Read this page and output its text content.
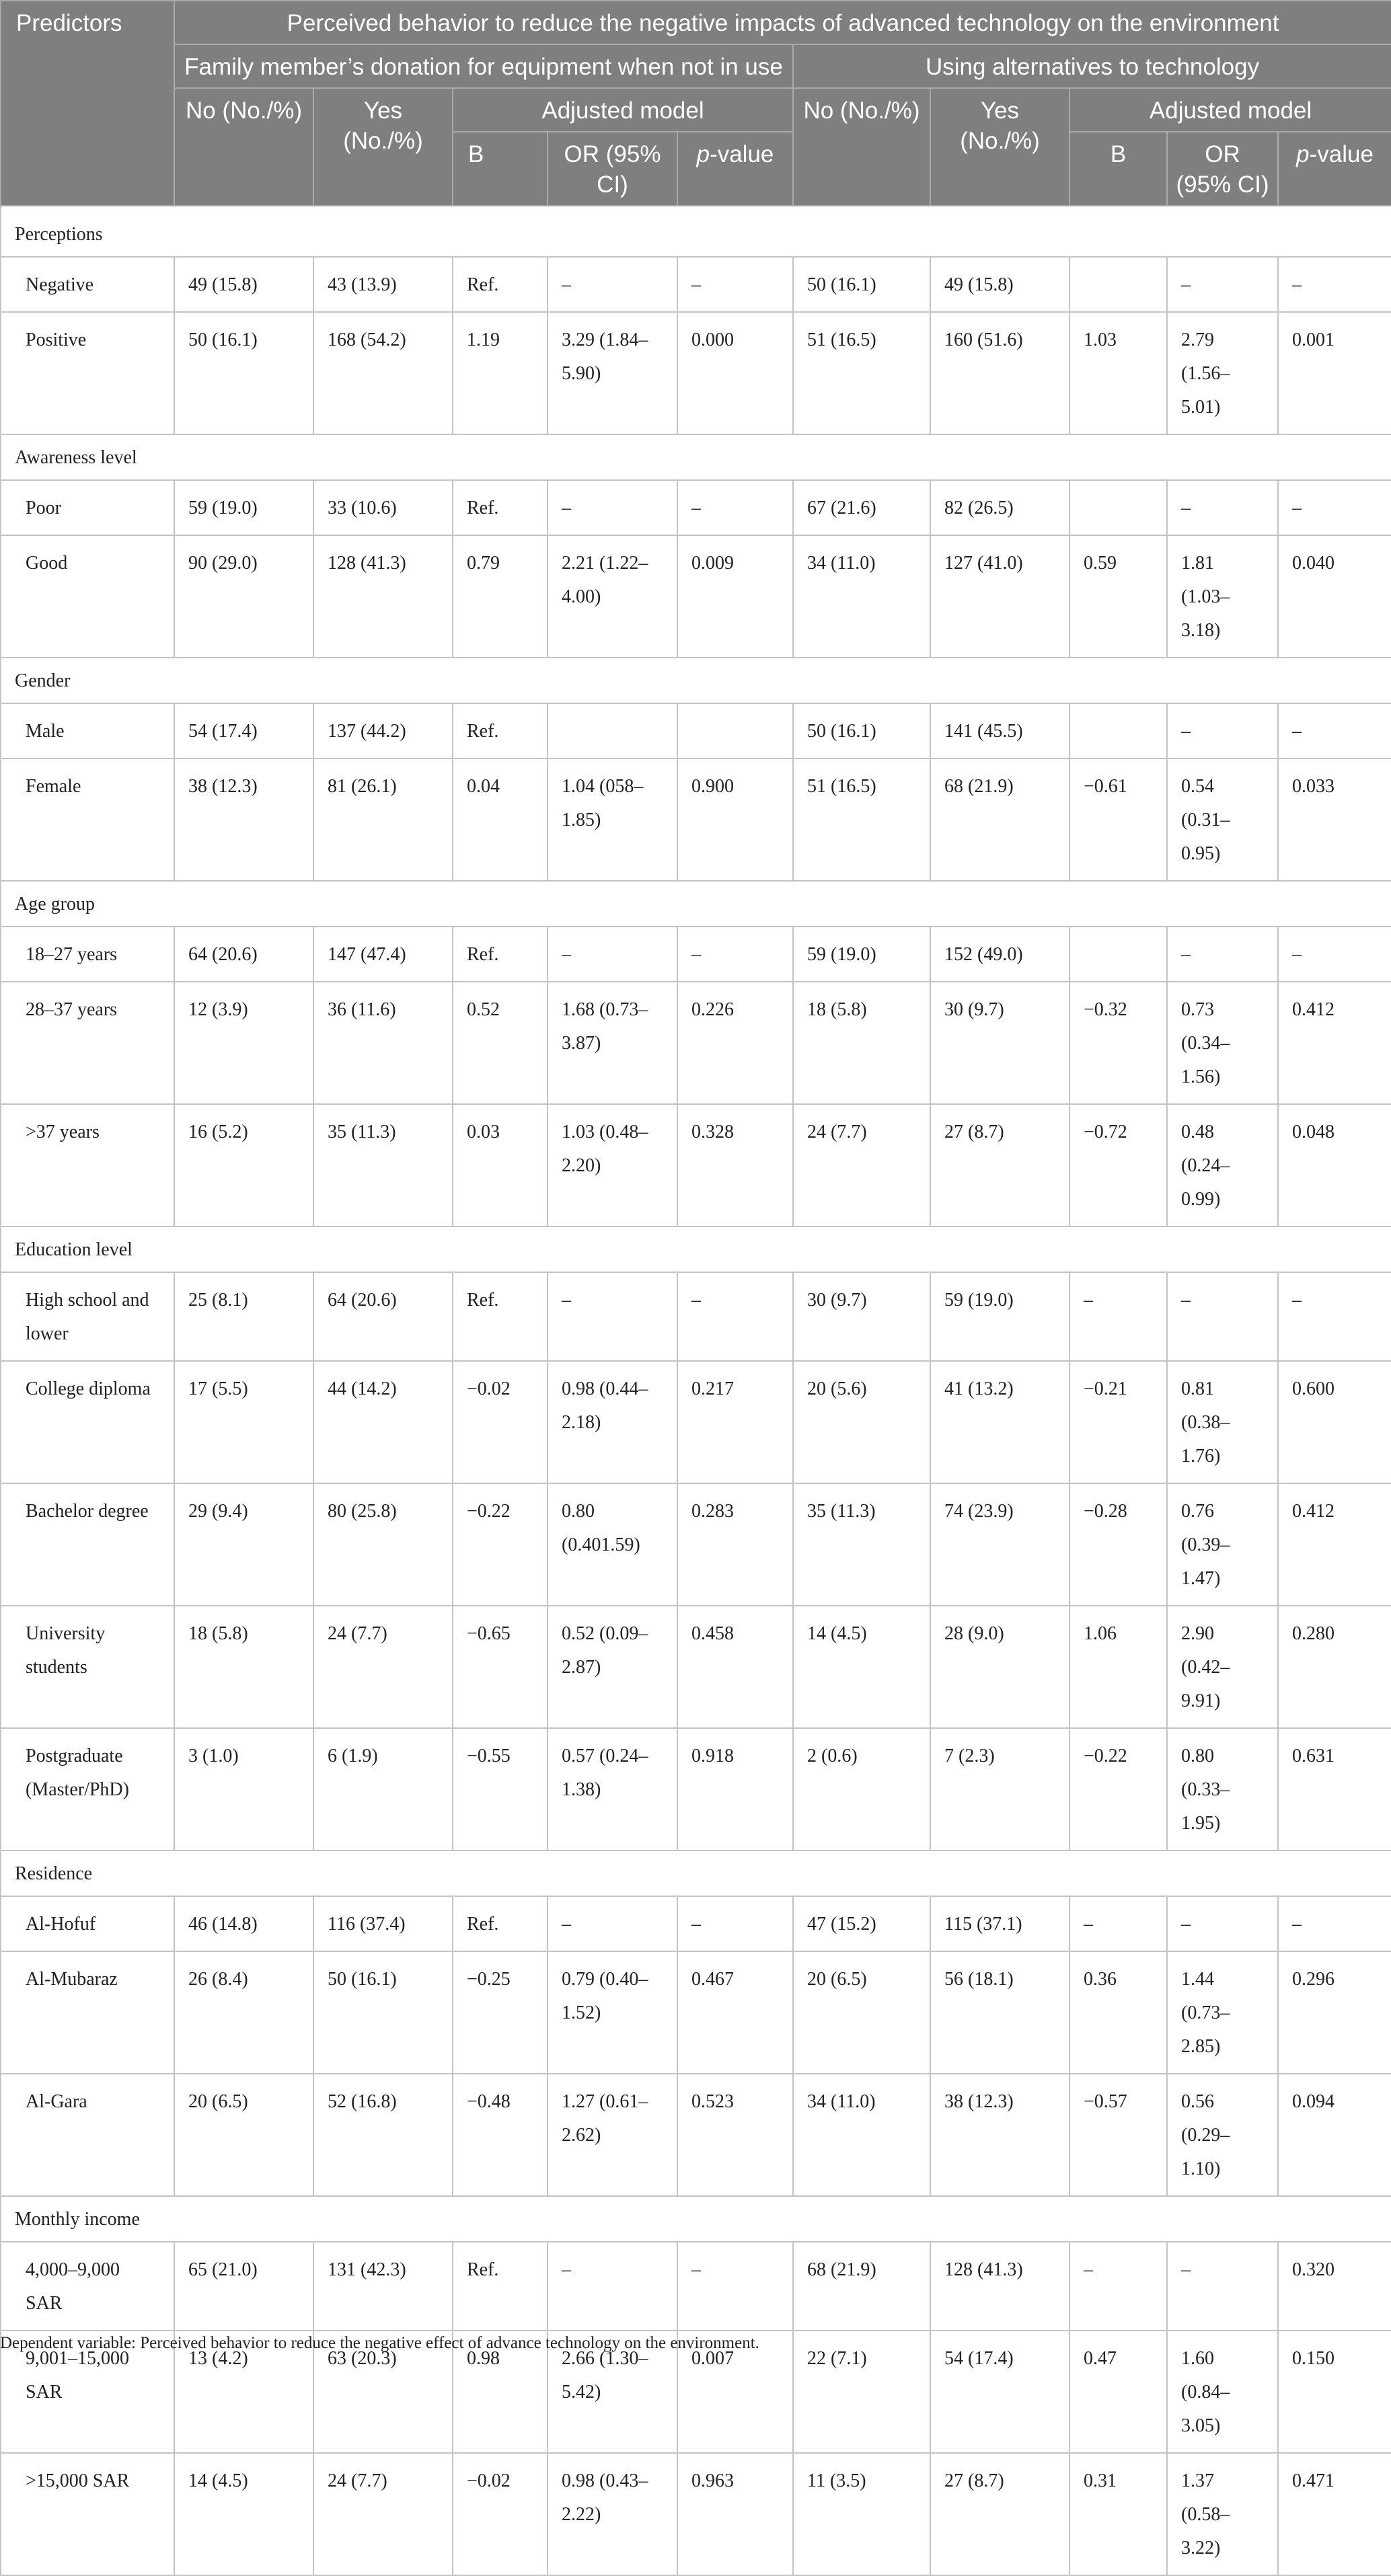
Predictors	Perceived behavior to reduce the negative impacts of advanced technology on the environment									
	Family member’s donation for equipment when not in use					Using alternatives to technology				
	No (No./%)	Yes (No./%)	Adjusted model			No (No./%)	Yes (No./%)	Adjusted model		
			B	OR (95% CI)	p-value			B	OR (95% CI)	p-value
Perceptions										
Negative	49 (15.8)	43 (13.9)	Ref.	–	–	50 (16.1)	49 (15.8)		–	–
Positive	50 (16.1)	168 (54.2)	1.19	3.29 (1.84–5.90)	0.000	51 (16.5)	160 (51.6)	1.03	2.79 (1.56–5.01)	0.001
Awareness level										
Poor	59 (19.0)	33 (10.6)	Ref.	–	–	67 (21.6)	82 (26.5)		–	–
Good	90 (29.0)	128 (41.3)	0.79	2.21 (1.22–4.00)	0.009	34 (11.0)	127 (41.0)	0.59	1.81 (1.03–3.18)	0.040
Gender										
Male	54 (17.4)	137 (44.2)	Ref.			50 (16.1)	141 (45.5)		–	–
Female	38 (12.3)	81 (26.1)	0.04	1.04 (058–1.85)	0.900	51 (16.5)	68 (21.9)	−0.61	0.54 (0.31–0.95)	0.033
Age group										
18–27 years	64 (20.6)	147 (47.4)	Ref.	–	–	59 (19.0)	152 (49.0)		–	–
28–37 years	12 (3.9)	36 (11.6)	0.52	1.68 (0.73–3.87)	0.226	18 (5.8)	30 (9.7)	−0.32	0.73 (0.34–1.56)	0.412
>37 years	16 (5.2)	35 (11.3)	0.03	1.03 (0.48–2.20)	0.328	24 (7.7)	27 (8.7)	−0.72	0.48 (0.24–0.99)	0.048
Education level										
High school and lower	25 (8.1)	64 (20.6)	Ref.	–	–	30 (9.7)	59 (19.0)	–	–	–
College diploma	17 (5.5)	44 (14.2)	−0.02	0.98 (0.44–2.18)	0.217	20 (5.6)	41 (13.2)	−0.21	0.81 (0.38–1.76)	0.600
Bachelor degree	29 (9.4)	80 (25.8)	−0.22	0.80 (0.401.59)	0.283	35 (11.3)	74 (23.9)	−0.28	0.76 (0.39–1.47)	0.412
University students	18 (5.8)	24 (7.7)	−0.65	0.52 (0.09–2.87)	0.458	14 (4.5)	28 (9.0)	1.06	2.90 (0.42–9.91)	0.280
Postgraduate (Master/PhD)	3 (1.0)	6 (1.9)	−0.55	0.57 (0.24–1.38)	0.918	2 (0.6)	7 (2.3)	−0.22	0.80 (0.33–1.95)	0.631
Residence										
Al-Hofuf	46 (14.8)	116 (37.4)	Ref.	–	–	47 (15.2)	115 (37.1)	–	–	–
Al-Mubaraz	26 (8.4)	50 (16.1)	−0.25	0.79 (0.40–1.52)	0.467	20 (6.5)	56 (18.1)	0.36	1.44 (0.73–2.85)	0.296
Al-Gara	20 (6.5)	52 (16.8)	−0.48	1.27 (0.61–2.62)	0.523	34 (11.0)	38 (12.3)	−0.57	0.56 (0.29–1.10)	0.094
Monthly income										
4,000–9,000 SAR	65 (21.0)	131 (42.3)	Ref.	–	–	68 (21.9)	128 (41.3)	–	–	0.320
9,001–15,000 SAR	13 (4.2)	63 (20.3)	0.98	2.66 (1.30–5.42)	0.007	22 (7.1)	54 (17.4)	0.47	1.60 (0.84–3.05)	0.150
>15,000 SAR	14 (4.5)	24 (7.7)	−0.02	0.98 (0.43–2.22)	0.963	11 (3.5)	27 (8.7)	0.31	1.37 (0.58–3.22)	0.471
Dependent variable: Perceived behavior to reduce the negative effect of advance technology on the environment.
